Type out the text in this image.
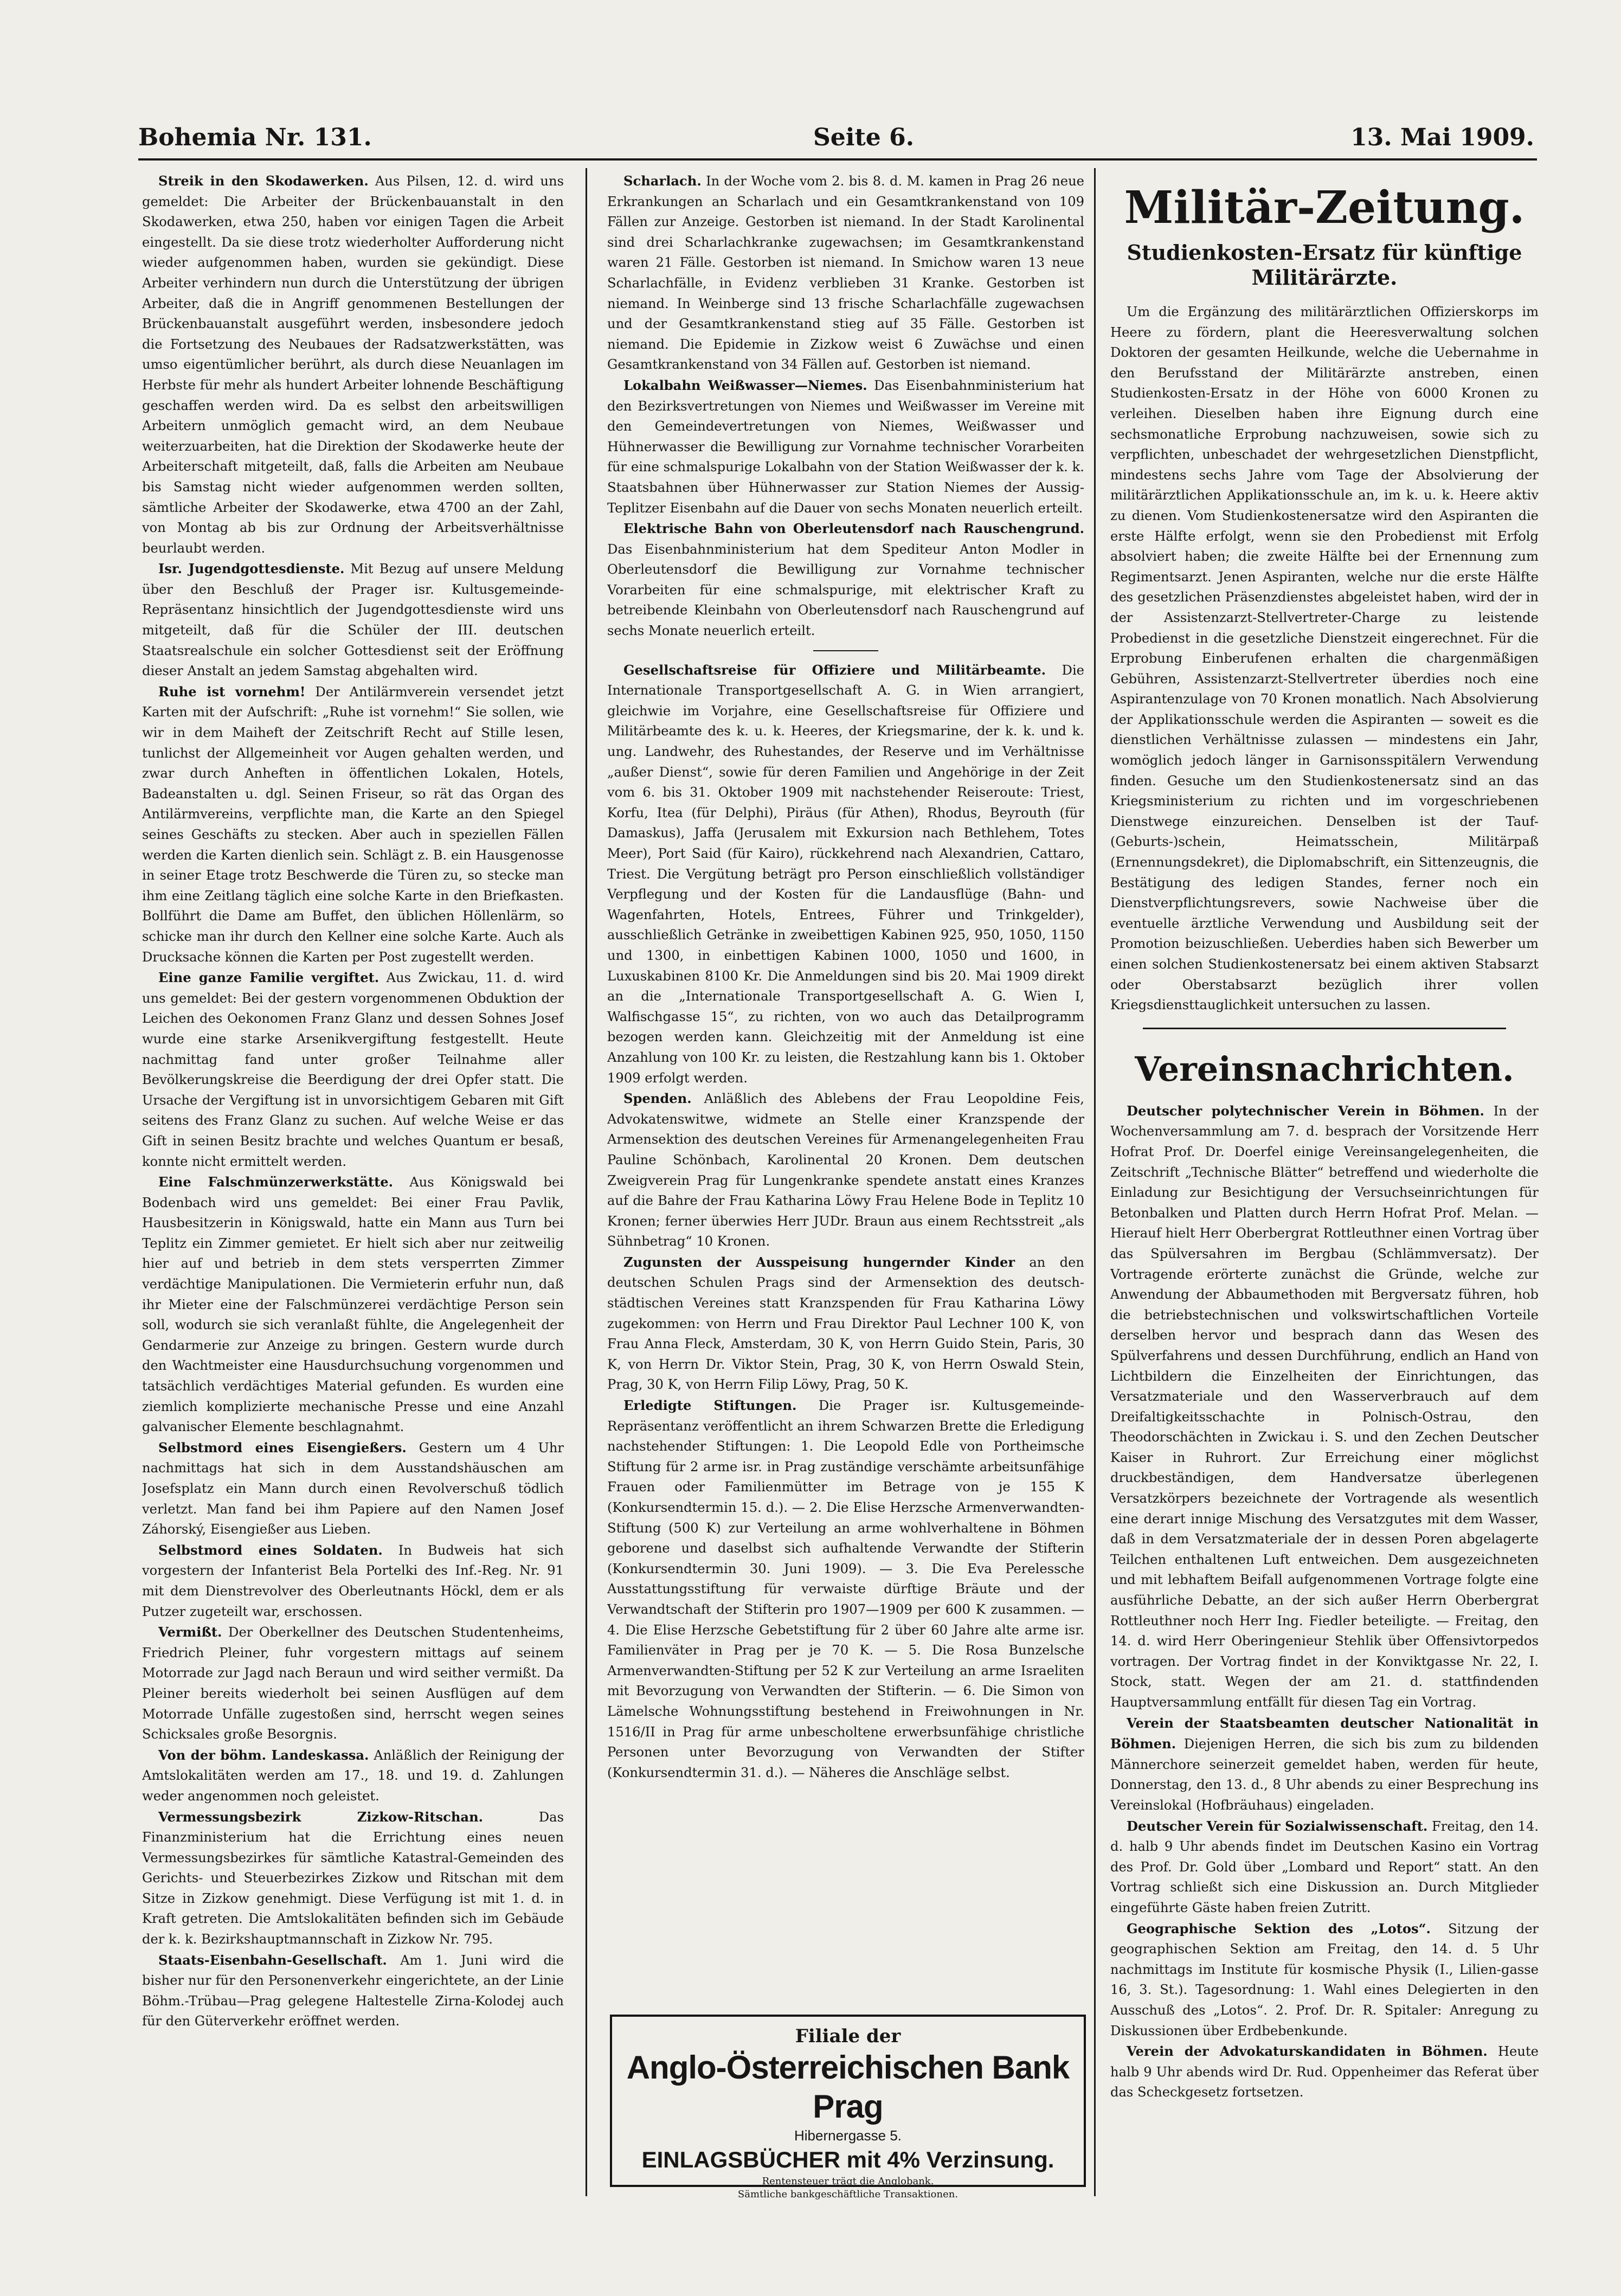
Bohemia Nr. 131.	Seite 6.	13. Mai 1909.

Streik in den Skodawerken. Aus Pilsen, 12. d. wird uns gemeldet: Die Arbeiter der Brückenbauanstalt in den Skodawerken, etwa 250, haben vor einigen Tagen die Arbeit eingestellt. Da sie diese trotz wiederholter Aufforderung nicht wieder aufgenommen haben, wurden sie gekündigt. Diese Arbeiter verhindern nun durch die Unterstützung der übrigen Arbeiter, daß die in Angriff genommenen Bestellungen der Brückenbauanstalt ausgeführt werden, insbesondere jedoch die Fortsetzung des Neubaues der Radsatzwerkstätten, was umso eigentümlicher berührt, als durch diese Neuanlagen im Herbste für mehr als hundert Arbeiter lohnende Beschäftigung geschaffen werden wird. Da es selbst den arbeitswilligen Arbeitern unmöglich gemacht wird, an dem Neubaue weiterzuarbeiten, hat die Direktion der Skodawerke heute der Arbeiterschaft mitgeteilt, daß, falls die Arbeiten am Neubaue bis Samstag nicht wieder aufgenommen werden sollten, sämtliche Arbeiter der Skodawerke, etwa 4700 an der Zahl, von Montag ab bis zur Ordnung der Arbeitsverhältnisse beurlaubt werden.

Isr. Jugendgottesdienste. Mit Bezug auf unsere Meldung über den Beschluß der Prager isr. Kultusgemeinde-Repräsentanz hinsichtlich der Jugendgottesdienste wird uns mitgeteilt, daß für die Schüler der III. deutschen Staatsrealschule ein solcher Gottesdienst seit der Eröffnung dieser Anstalt an jedem Samstag abgehalten wird.

Ruhe ist vornehm! Der Antilärmverein versendet jetzt Karten mit der Aufschrift: „Ruhe ist vornehm!“ Sie sollen, wie wir in dem Maiheft der Zeitschrift Recht auf Stille lesen, tunlichst der Allgemeinheit vor Augen gehalten werden, und zwar durch Anheften in öffentlichen Lokalen, Hotels, Badeanstalten u. dgl. Seinen Friseur, so rät das Organ des Antilärmvereins, verpflichte man, die Karte an den Spiegel seines Geschäfts zu stecken. Aber auch in speziellen Fällen werden die Karten dienlich sein. Schlägt z. B. ein Hausgenosse in seiner Etage trotz Beschwerde die Türen zu, so stecke man ihm eine Zeitlang täglich eine solche Karte in den Briefkasten. Bollführt die Dame am Buffet, den üblichen Höllenlärm, so schicke man ihr durch den Kellner eine solche Karte. Auch als Drucksache können die Karten per Post zugestellt werden.

Eine ganze Familie vergiftet. Aus Zwickau, 11. d. wird uns gemeldet: Bei der gestern vorgenommenen Obduktion der Leichen des Oekonomen Franz Glanz und dessen Sohnes Josef wurde eine starke Arsenikvergiftung festgestellt. Heute nachmittag fand unter großer Teilnahme aller Bevölkerungskreise die Beerdigung der drei Opfer statt. Die Ursache der Vergiftung ist in unvorsichtigem Gebaren mit Gift seitens des Franz Glanz zu suchen. Auf welche Weise er das Gift in seinen Besitz brachte und welches Quantum er besaß, konnte nicht ermittelt werden.

Eine Falschmünzerwerkstätte. Aus Königswald bei Bodenbach wird uns gemeldet: Bei einer Frau Pavlik, Hausbesitzerin in Königswald, hatte ein Mann aus Turn bei Teplitz ein Zimmer gemietet. Er hielt sich aber nur zeitweilig hier auf und betrieb in dem stets versperrten Zimmer verdächtige Manipulationen. Die Vermieterin erfuhr nun, daß ihr Mieter eine der Falschmünzerei verdächtige Person sein soll, wodurch sie sich veranlaßt fühlte, die Angelegenheit der Gendarmerie zur Anzeige zu bringen. Gestern wurde durch den Wachtmeister eine Hausdurchsuchung vorgenommen und tatsächlich verdächtiges Material gefunden. Es wurden eine ziemlich komplizierte mechanische Presse und eine Anzahl galvanischer Elemente beschlagnahmt.

Selbstmord eines Eisengießers. Gestern um 4 Uhr nachmittags hat sich in dem Ausstandshäuschen am Josefsplatz ein Mann durch einen Revolverschuß tödlich verletzt. Man fand bei ihm Papiere auf den Namen Josef Záhorský, Eisengießer aus Lieben.

Selbstmord eines Soldaten. In Budweis hat sich vorgestern der Infanterist Bela Portelki des Inf.-Reg. Nr. 91 mit dem Dienstrevolver des Oberleutnants Höckl, dem er als Putzer zugeteilt war, erschossen.

Vermißt. Der Oberkellner des Deutschen Studentenheims, Friedrich Pleiner, fuhr vorgestern mittags auf seinem Motorrade zur Jagd nach Beraun und wird seither vermißt. Da Pleiner bereits wiederholt bei seinen Ausflügen auf dem Motorrade Unfälle zugestoßen sind, herrscht wegen seines Schicksales große Besorgnis.

Von der böhm. Landeskassa. Anläßlich der Reinigung der Amtslokalitäten werden am 17., 18. und 19. d. Zahlungen weder angenommen noch geleistet.

Vermessungsbezirk Zizkow-Ritschan.	Das Finanzministerium hat die Errichtung eines neuen Vermessungsbezirkes für sämtliche Katastral-Gemeinden des Gerichts- und Steuerbezirkes Zizkow und Ritschan mit dem Sitze in Zizkow genehmigt. Diese Verfügung ist mit 1. d. in Kraft getreten. Die Amtslokalitäten befinden sich im Gebäude der k. k. Bezirkshauptmannschaft in Zizkow Nr. 795.

Staats-Eisenbahn-Gesellschaft. Am 1. Juni wird die bisher nur für den Personenverkehr eingerichtete, an der Linie Böhm.-Trübau—Prag gelegene Haltestelle Zirna-Kolodej auch für den Güterverkehr eröffnet werden.

Scharlach. In der Woche vom 2. bis 8. d. M. kamen in Prag 26 neue Erkrankungen an Scharlach und ein Gesamtkrankenstand von 109 Fällen zur Anzeige. Gestorben ist niemand. In der Stadt Karolinental sind drei Scharlachkranke zugewachsen; im Gesamtkrankenstand waren 21 Fälle. Gestorben ist niemand. In Smichow waren 13 neue Scharlachfälle, in Evidenz verblieben 31 Kranke. Gestorben ist niemand. In Weinberge sind 13 frische Scharlachfälle zugewachsen und der Gesamtkrankenstand stieg auf 35 Fälle. Gestorben ist niemand. Die Epidemie in Zizkow weist 6 Zuwächse und einen Gesamtkrankenstand von 34 Fällen auf. Gestorben ist niemand.

Lokalbahn Weißwasser—Niemes. Das Eisenbahnministerium hat den Bezirksvertretungen von Niemes und Weißwasser im Vereine mit den Gemeindevertretungen von Niemes, Weißwasser und Hühnerwasser die Bewilligung zur Vornahme technischer Vorarbeiten für eine schmalspurige Lokalbahn von der Station Weißwasser der k. k. Staatsbahnen über Hühnerwasser zur Station Niemes der Aussig-Teplitzer Eisenbahn auf die Dauer von sechs Monaten neuerlich erteilt.

Elektrische Bahn von Oberleutensdorf nach Rauschengrund. Das Eisenbahnministerium hat dem Spediteur Anton Modler in Oberleutensdorf die Bewilligung zur Vornahme technischer Vorarbeiten für eine schmalspurige, mit elektrischer Kraft zu betreibende Kleinbahn von Oberleutensdorf nach Rauschengrund auf sechs Monate neuerlich erteilt.

Gesellschaftsreise für Offiziere und Militärbeamte. Die Internationale Transportgesellschaft A. G. in Wien arrangiert, gleichwie im Vorjahre, eine Gesellschaftsreise für Offiziere und Militärbeamte des k. u. k. Heeres, der Kriegsmarine, der k. k. und k. ung. Landwehr, des Ruhestandes, der Reserve und im Verhältnisse „außer Dienst“, sowie für deren Familien und Angehörige in der Zeit vom 6. bis 31. Oktober 1909 mit nachstehender Reiseroute: Triest, Korfu, Itea (für Delphi), Piräus (für Athen), Rhodus, Beyrouth (für Damaskus), Jaffa (Jerusalem mit Exkursion nach Bethlehem, Totes Meer), Port Said (für Kairo), rückkehrend nach Alexandrien, Cattaro, Triest. Die Vergütung beträgt pro Person einschließlich vollständiger Verpflegung und der Kosten für die Landausflüge (Bahn- und Wagenfahrten, Hotels, Entrees, Führer und Trinkgelder), ausschließlich Getränke in zweibettigen Kabinen 925, 950, 1050, 1150 und 1300, in einbettigen Kabinen 1000, 1050 und 1600, in Luxuskabinen 8100 Kr. Die Anmeldungen sind bis 20. Mai 1909 direkt an die „Internationale Transportgesellschaft A. G. Wien I, Walfischgasse 15“, zu richten, von wo auch das Detailprogramm bezogen werden kann. Gleichzeitig mit der Anmeldung ist eine Anzahlung von 100 Kr. zu leisten, die Restzahlung kann bis 1. Oktober 1909 erfolgt werden.

Spenden. Anläßlich des Ablebens der Frau Leopoldine Feis, Advokatenswitwe, widmete an Stelle einer Kranzspende der Armensektion des deutschen Vereines für Armenangelegenheiten Frau Pauline Schönbach, Karolinental 20 Kronen. Dem deutschen Zweigverein Prag für Lungenkranke spendete anstatt eines Kranzes auf die Bahre der Frau Katharina Löwy Frau Helene Bode in Teplitz 10 Kronen; ferner überwies Herr JUDr. Braun aus einem Rechtsstreit „als Sühnbetrag“ 10 Kronen.

Zugunsten der Ausspeisung hungernder Kinder an den deutschen Schulen Prags sind der Armensektion des deutsch-städtischen Vereines statt Kranzspenden für Frau Katharina Löwy zugekommen: von Herrn und Frau Direktor Paul Lechner 100 K, von Frau Anna Fleck, Amsterdam, 30 K, von Herrn Guido Stein, Paris, 30 K, von Herrn Dr. Viktor Stein, Prag, 30 K, von Herrn Oswald Stein, Prag, 30 K, von Herrn Filip Löwy, Prag, 50 K.

Erledigte Stiftungen. Die Prager isr. Kultusgemeinde-Repräsentanz veröffentlicht an ihrem Schwarzen Brette die Erledigung nachstehender Stiftungen: 1. Die Leopold Edle von Portheimsche Stiftung für 2 arme isr. in Prag zuständige verschämte arbeitsunfähige Frauen oder Familienmütter im Betrage von je 155 K (Konkursendtermin 15. d.). — 2. Die Elise Herzsche Armenverwandten-Stiftung (500 K) zur Verteilung an arme wohlverhaltene in Böhmen geborene und daselbst sich aufhaltende Verwandte der Stifterin (Konkursendtermin 30. Juni 1909). — 3. Die Eva Perelessche Ausstattungsstiftung für verwaiste dürftige Bräute und der Verwandtschaft der Stifterin pro 1907—1909 per 600 K zusammen. — 4. Die Elise Herzsche Gebetstiftung für 2 über 60 Jahre alte arme isr. Familienväter in Prag per je 70 K. — 5. Die Rosa Bunzelsche Armenverwandten-Stiftung per 52 K zur Verteilung an arme Israeliten mit Bevorzugung von Verwandten der Stifterin. — 6. Die Simon von Lämelsche Wohnungsstiftung bestehend in Freiwohnungen in Nr. 1516/II in Prag für arme unbescholtene erwerbsunfähige christliche Personen unter Bevorzugung von Verwandten der Stifter (Konkursendtermin 31. d.). — Näheres die Anschläge selbst.

Militär-Zeitung.
Studienkosten-Ersatz für künftige Militärärzte.

Um die Ergänzung des militärärztlichen Offizierskorps im Heere zu fördern, plant die Heeresverwaltung solchen Doktoren der gesamten Heilkunde, welche die Uebernahme in den Berufsstand der Militärärzte anstreben, einen Studienkosten-Ersatz in der Höhe von 6000 Kronen zu verleihen. Dieselben haben ihre Eignung durch eine sechsmonatliche Erprobung nachzuweisen, sowie sich zu verpflichten, unbeschadet der wehrgesetzlichen Dienstpflicht, mindestens sechs Jahre vom Tage der Absolvierung der militärärztlichen Applikationsschule an, im k. u. k. Heere aktiv zu dienen. Vom Studienkostenersatze wird den Aspiranten die erste Hälfte erfolgt, wenn sie den Probedienst mit Erfolg absolviert haben; die zweite Hälfte bei der Ernennung zum Regimentsarzt. Jenen Aspiranten, welche nur die erste Hälfte des gesetzlichen Präsenzdienstes abgeleistet haben, wird der in der Assistenzarzt-Stellvertreter-Charge zu leistende Probedienst in die gesetzliche Dienstzeit eingerechnet. Für die Erprobung Einberufenen erhalten die chargenmäßigen Gebühren, Assistenzarzt-Stellvertreter überdies noch eine Aspirantenzulage von 70 Kronen monatlich. Nach Absolvierung der Applikationsschule werden die Aspiranten — soweit es die dienstlichen Verhältnisse zulassen — mindestens ein Jahr, womöglich jedoch länger in Garnisonsspitälern Verwendung finden. Gesuche um den Studienkostenersatz sind an das Kriegsministerium zu richten und im vorgeschriebenen Dienstwege einzureichen. Denselben ist der Tauf-(Geburts-)schein, Heimatsschein, Militärpaß (Ernennungsdekret), die Diplomabschrift, ein Sittenzeugnis, die Bestätigung des ledigen Standes, ferner noch ein Dienstverpflichtungsrevers, sowie Nachweise über die eventuelle ärztliche Verwendung und Ausbildung seit der Promotion beizuschließen. Ueberdies haben sich Bewerber um einen solchen Studienkostenersatz bei einem aktiven Stabsarzt oder Oberstabsarzt bezüglich ihrer vollen Kriegsdiensttauglichkeit untersuchen zu lassen.

Vereinsnachrichten.

Deutscher polytechnischer Verein in Böhmen. In der Wochenversammlung am 7. d. besprach der Vorsitzende Herr Hofrat Prof. Dr. Doerfel einige Vereinsangelegenheiten, die Zeitschrift „Technische Blätter“ betreffend und wiederholte die Einladung zur Besichtigung der Versuchseinrichtungen für Betonbalken und Platten durch Herrn Hofrat Prof. Melan. — Hierauf hielt Herr Oberbergrat Rottleuthner einen Vortrag über das Spülversahren im Bergbau (Schlämmversatz). Der Vortragende erörterte zunächst die Gründe, welche zur Anwendung der Abbaumethoden mit Bergversatz führen, hob die betriebstechnischen und volkswirtschaftlichen Vorteile derselben hervor und besprach dann das Wesen des Spülverfahrens und dessen Durchführung, endlich an Hand von Lichtbildern die Einzelheiten der Einrichtungen, das Versatzmateriale und den Wasserverbrauch auf dem Dreifaltigkeitsschachte in Polnisch-Ostrau, den Theodorschächten in Zwickau i. S. und den Zechen Deutscher Kaiser in Ruhrort. Zur Erreichung einer möglichst druckbeständigen, dem Handversatze überlegenen Versatzkörpers bezeichnete der Vortragende als wesentlich eine derart innige Mischung des Versatzgutes mit dem Wasser, daß in dem Versatzmateriale der in dessen Poren abgelagerte Teilchen enthaltenen Luft entweichen. Dem ausgezeichneten und mit lebhaftem Beifall aufgenommenen Vortrage folgte eine ausführliche Debatte, an der sich außer Herrn Oberbergrat Rottleuthner noch Herr Ing. Fiedler beteiligte. — Freitag, den 14. d. wird Herr Oberingenieur Stehlik über Offensivtorpedos vortragen. Der Vortrag findet in der Konviktgasse Nr. 22, I. Stock, statt. Wegen der am 21. d. stattfindenden Hauptversammlung entfällt für diesen Tag ein Vortrag.

Verein der Staatsbeamten deutscher Nationalität in Böhmen. Diejenigen Herren, die sich bis zum zu bildenden Männerchore seinerzeit gemeldet haben, werden für heute, Donnerstag, den 13. d., 8 Uhr abends zu einer Besprechung ins Vereinslokal (Hofbräuhaus) eingeladen.

Deutscher Verein für Sozialwissenschaft. Freitag, den 14. d. halb 9 Uhr abends findet im Deutschen Kasino ein Vortrag des Prof. Dr. Gold über „Lombard und Report“ statt. An den Vortrag schließt sich eine Diskussion an. Durch Mitglieder eingeführte Gäste haben freien Zutritt.

Geographische Sektion des „Lotos“. Sitzung der geographischen Sektion am Freitag, den 14. d. 5 Uhr nachmittags im Institute für kosmische Physik (I., Lilien-gasse 16, 3. St.). Tagesordnung: 1. Wahl eines Delegierten in den Ausschuß des „Lotos“. 2. Prof. Dr. R. Spitaler: Anregung zu Diskussionen über Erdbebenkunde.

Verein der Advokaturskandidaten in Böhmen. Heute halb 9 Uhr abends wird Dr. Rud. Oppenheimer das Referat über das Scheckgesetz fortsetzen.

Filiale der
Anglo-Österreichischen Bank Prag
Hibernergasse 5.
EINLAGSBÜCHER mit 4% Verzinsung.
Rentensteuer trägt die Anglobank.
Sämtliche bankgeschäftliche Transaktionen.
